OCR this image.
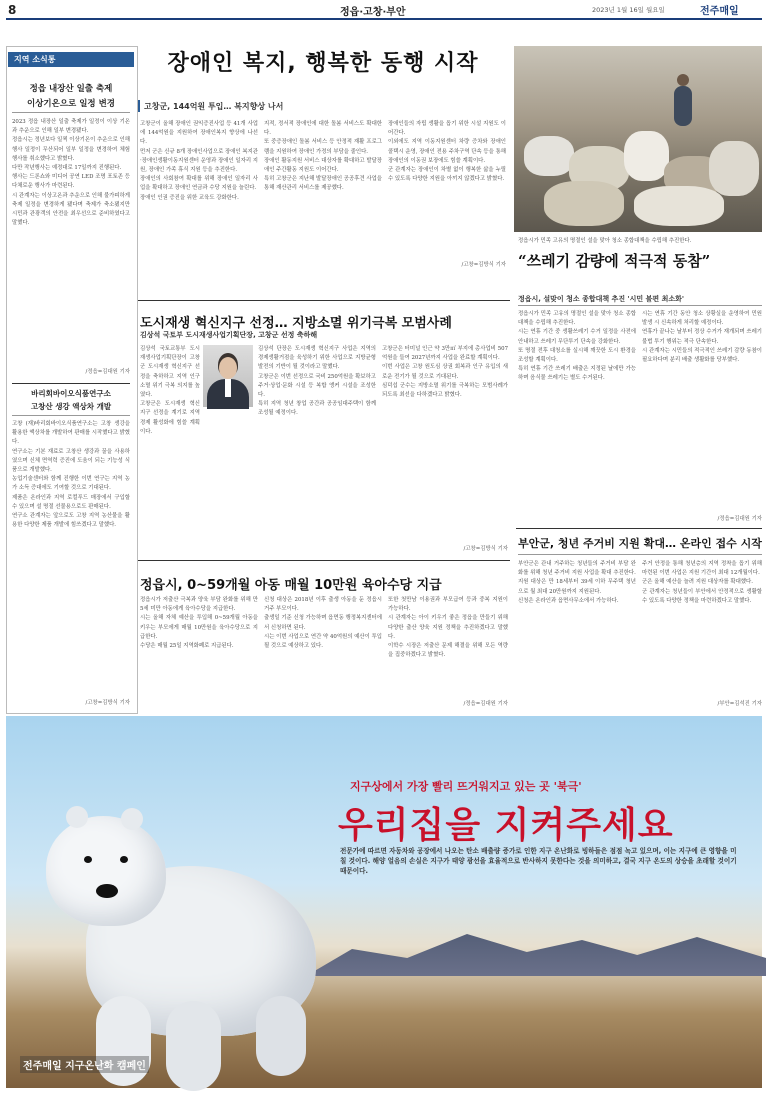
8	정읍·고창·부안	2023년 1월 16일 월요일	전주매일
지역 소식통
정읍 내장산 일출 축제
이상기온으로 일정 변경
2023 정읍 내장산 일출 축제가 일정이 이상 기온과 추운으로 인해 일부 변경됐다.
정읍시는 정년보다 일찍 이상기온이 추운으로 인해 행사 일정이 무산되어 일부 일정을 변경하여 체험행사를 취소했다고 밝혔다.
다만 작년행사는 예정대로 17일까지 진행된다.
행사는 드론쇼와 미디어 공연 LED 조명 포토존 등 다채로운 행사가 마련된다.
시 관계자는 이상고온과 추운으로 인해 불가피하게 축제 일정을 변경하게 됐다며 축제가 축소됐지만 시민과 관광객의 안전을 최우선으로 준비하였다고 말했다.
/정읍=김대원 기자
바리회바이오식품연구소
고창산 생강 액상차 개발
고창 (재)바리회바이오식품연구소는 고창 생강을 활용한 액상차를 개발하여 판매를 시작했다고 밝혔다.
연구소는 기본 재료로 고창산 생강과 꿀을 사용하였으며 신체 면역력 증진에 도움이 되는 기능성 식품으로 개발했다.
농업기술센터와 함께 진행한 이번 연구는 지역 농가 소득 증대에도 기여할 것으로 기대된다.
제품은 온라인과 지역 로컬푸드 매장에서 구입할 수 있으며 설 명절 선물용으로도 판매된다.
연구소 관계자는 앞으로도 고창 지역 농산물을 활용한 다양한 제품 개발에 힘쓰겠다고 말했다.
/고창=김방식 기자
장애인 복지, 행복한 동행 시작
고창군, 144억원 투입… 복지향상 나서
고창군이 올해 장애인 권익증진사업 등 41개 사업에 144억원을 지원하여 장애인복지 향상에 나선다.
먼저 군은 신규 8개 장애인사업으로 장애인 복지관·장애인생활이동지원센터 운영과 장애인 일자리 지원, 장애인 가족 휴식 지원 등을 추진한다.
장애인의 사회참여 확대를 위해 장애인 일자리 사업을 확대하고 장애인 연금과 수당 지원을 늘린다.
장애인 인권 증진을 위한 교육도 강화한다.
지적, 정서적 장애인에 대한 돌봄 서비스도 확대한다.
또 중증장애인 돌봄 서비스 등 안정적 재활 프로그램을 지원하여 장애인 가정의 부담을 줄인다.
장애인 활동지원 서비스 대상자를 확대하고 발달장애인 주간활동 지원도 이어간다.
특히 고창군은 지난해 발달장애인 공공후견 사업을 통해 재산관리 서비스를 제공했다.
장애인들의 자립 생활을 돕기 위한 시설 지원도 이어간다.
이외에도 지역 이동지원센터 차량 증차와 장애인 콜택시 운영, 장애인 전용 주차구역 단속 등을 통해 장애인의 이동권 보장에도 힘쓸 계획이다.
군 관계자는 장애인이 차별 없이 행복한 삶을 누릴 수 있도록 다양한 지원을 아끼지 않겠다고 밝혔다.
/고창=김방식 기자
정읍시가 민족 고유의 명절인 설을 맞아 청소 종합대책을 수립해 추진한다.
“쓰레기 감량에 적극적 동참”
정읍시, 설맞이 청소 종합대책 추진 '시민 불편 최소화'
정읍시가 민족 고유의 명절인 설을 맞아 청소 종합대책을 수립해 추진한다.
시는 연휴 기간 중 생활쓰레기 수거 일정을 사전에 안내하고 쓰레기 무단투기 단속을 강화한다.
또 명절 전후 대청소를 실시해 깨끗한 도시 환경을 조성할 계획이다.
특히 연휴 기간 쓰레기 배출은 지정된 날에만 가능하며 음식물 쓰레기는 별도 수거된다.
시는 연휴 기간 동안 청소 상황실을 운영하여 민원 발생 시 신속하게 처리할 예정이다.
연휴가 끝나는 날부터 정상 수거가 재개되며 쓰레기 불법 투기 행위는 적극 단속한다.
시 관계자는 시민들의 적극적인 쓰레기 감량 동참이 필요하다며 분리 배출 생활화를 당부했다.
/정읍=김대원 기자
도시재생 혁신지구 선정… 지방소멸 위기극복 모범사례
김상석 국토부 도시재생사업기획단장, 고창군 선정 축하해
김상석 국토교통부 도시재생사업기획단장이 고창군 도시재생 혁신지구 선정을 축하하고 지역 인구소멸 위기 극복 의지를 높였다.
고창군은 도시재생 혁신지구 선정을 계기로 지역 경제 활성화에 힘쓸 계획이다.
김상석 단장은 도시재생 혁신지구 사업은 지역의 경제생활거점을 육성하기 위한 사업으로 지방균형발전의 기반이 될 것이라고 말했다.
고창군은 이번 선정으로 국비 250억원을 확보하고 주거·상업·문화 시설 등 복합 앵커 시설을 조성한다.
특히 지역 청년 창업 공간과 공공임대주택이 함께 조성될 예정이다.
고창군은 터미널 인근 약 3만㎡ 부지에 총사업비 507억원을 들여 2027년까지 사업을 완료할 계획이다.
이번 사업은 고창 원도심 상권 회복과 인구 유입의 새로운 전기가 될 것으로 기대된다.
심덕섭 군수는 지방소멸 위기를 극복하는 모범사례가 되도록 최선을 다하겠다고 밝혔다.
/고창=김방식 기자
정읍시, 0~59개월 아동 매월 10만원 육아수당 지급
정읍시가 저출산 극복과 양육 부담 완화를 위해 만 5세 미만 아동에게 육아수당을 지급한다.
시는 올해 자체 예산을 투입해 0~59개월 아동을 키우는 부모에게 매월 10만원을 육아수당으로 지급한다.
수당은 매월 25일 지역화폐로 지급된다.
신청 대상은 2018년 이후 출생 아동을 둔 정읍시 거주 부모이다.
출생일 기준 신청 가능하며 읍면동 행정복지센터에서 신청하면 된다.
시는 이번 사업으로 연간 약 40억원의 예산이 투입될 것으로 예상하고 있다.
또한 첫만남 이용권과 부모급여 등과 중복 지원이 가능하다.
시 관계자는 아이 키우기 좋은 정읍을 만들기 위해 다양한 출산 양육 지원 정책을 추진하겠다고 말했다.
이학수 시장은 저출산 문제 해결을 위해 모든 역량을 집중하겠다고 밝혔다.
/정읍=김대원 기자
부안군, 청년 주거비 지원 확대… 온라인 접수 시작
부안군은 관내 거주하는 청년들의 주거비 부담 완화를 위해 청년 주거비 지원 사업을 확대 추진한다.
지원 대상은 만 18세부터 39세 이하 무주택 청년으로 월 최대 20만원까지 지원된다.
신청은 온라인과 읍면사무소에서 가능하다.
주거 안정을 통해 청년층의 지역 정착을 돕기 위해 마련된 이번 사업은 지원 기간이 최대 12개월이다.
군은 올해 예산을 늘려 지원 대상자를 확대했다.
군 관계자는 청년들이 부안에서 안정적으로 생활할 수 있도록 다양한 정책을 마련하겠다고 말했다.
/부안=김석진 기자
지구상에서 가장 빨리 뜨거워지고 있는 곳 '북극'
우리집을 지켜주세요
전문가에 따르면 자동차와 공장에서 나오는 탄소 배출량 증가로 인한 지구 온난화로 빙하들은 점점 녹고 있으며, 이는 지구에 큰 영향을 미칠 것이다. 해양 얼음의 손실은 지구가 태양 광선을 효율적으로 반사하지 못한다는 것을 의미하고, 결국 지구 온도의 상승을 초래할 것이기 때문이다.
전주매일 지구온난화 캠페인
